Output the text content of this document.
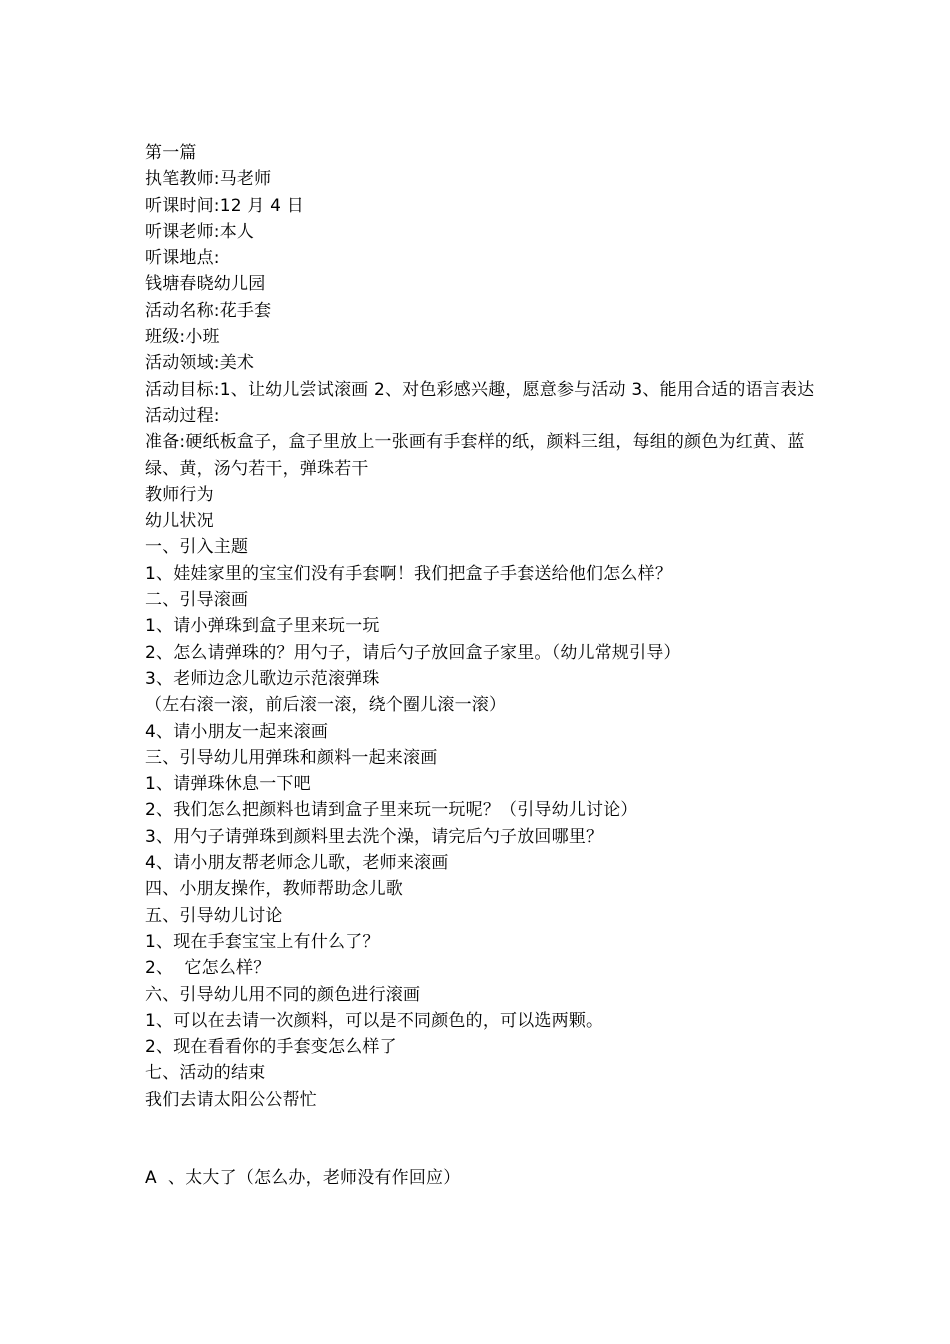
第一篇
执笔教师:马老师
听课时间:12 月 4 日
听课老师:本人
听课地点:
钱塘春晓幼儿园
活动名称:花手套
班级:小班
活动领域:美术
活动目标:1、让幼儿尝试滚画 2、对色彩感兴趣，愿意参与活动 3、能用合适的语言表达
活动过程:
准备:硬纸板盒子，盒子里放上一张画有手套样的纸，颜料三组，每组的颜色为红黄、蓝绿、黄，汤勺若干，弹珠若干
教师行为
幼儿状况
一、引入主题
1、娃娃家里的宝宝们没有手套啊！我们把盒子手套送给他们怎么样？
二、引导滚画
1、请小弹珠到盒子里来玩一玩
2、怎么请弹珠的？用勺子，请后勺子放回盒子家里。（幼儿常规引导）
3、老师边念儿歌边示范滚弹珠
（左右滚一滚，前后滚一滚，绕个圈儿滚一滚）
4、请小朋友一起来滚画
三、引导幼儿用弹珠和颜料一起来滚画
1、请弹珠休息一下吧
2、我们怎么把颜料也请到盒子里来玩一玩呢？（引导幼儿讨论）
3、用勺子请弹珠到颜料里去洗个澡，请完后勺子放回哪里？
4、请小朋友帮老师念儿歌，老师来滚画
四、小朋友操作，教师帮助念儿歌
五、引导幼儿讨论
1、现在手套宝宝上有什么了？
2、  它怎么样？
六、引导幼儿用不同的颜色进行滚画
1、可以在去请一次颜料，可以是不同颜色的，可以选两颗。
2、现在看看你的手套变怎么样了
七、活动的结束
我们去请太阳公公帮忙
A  、太大了（怎么办，老师没有作回应）
